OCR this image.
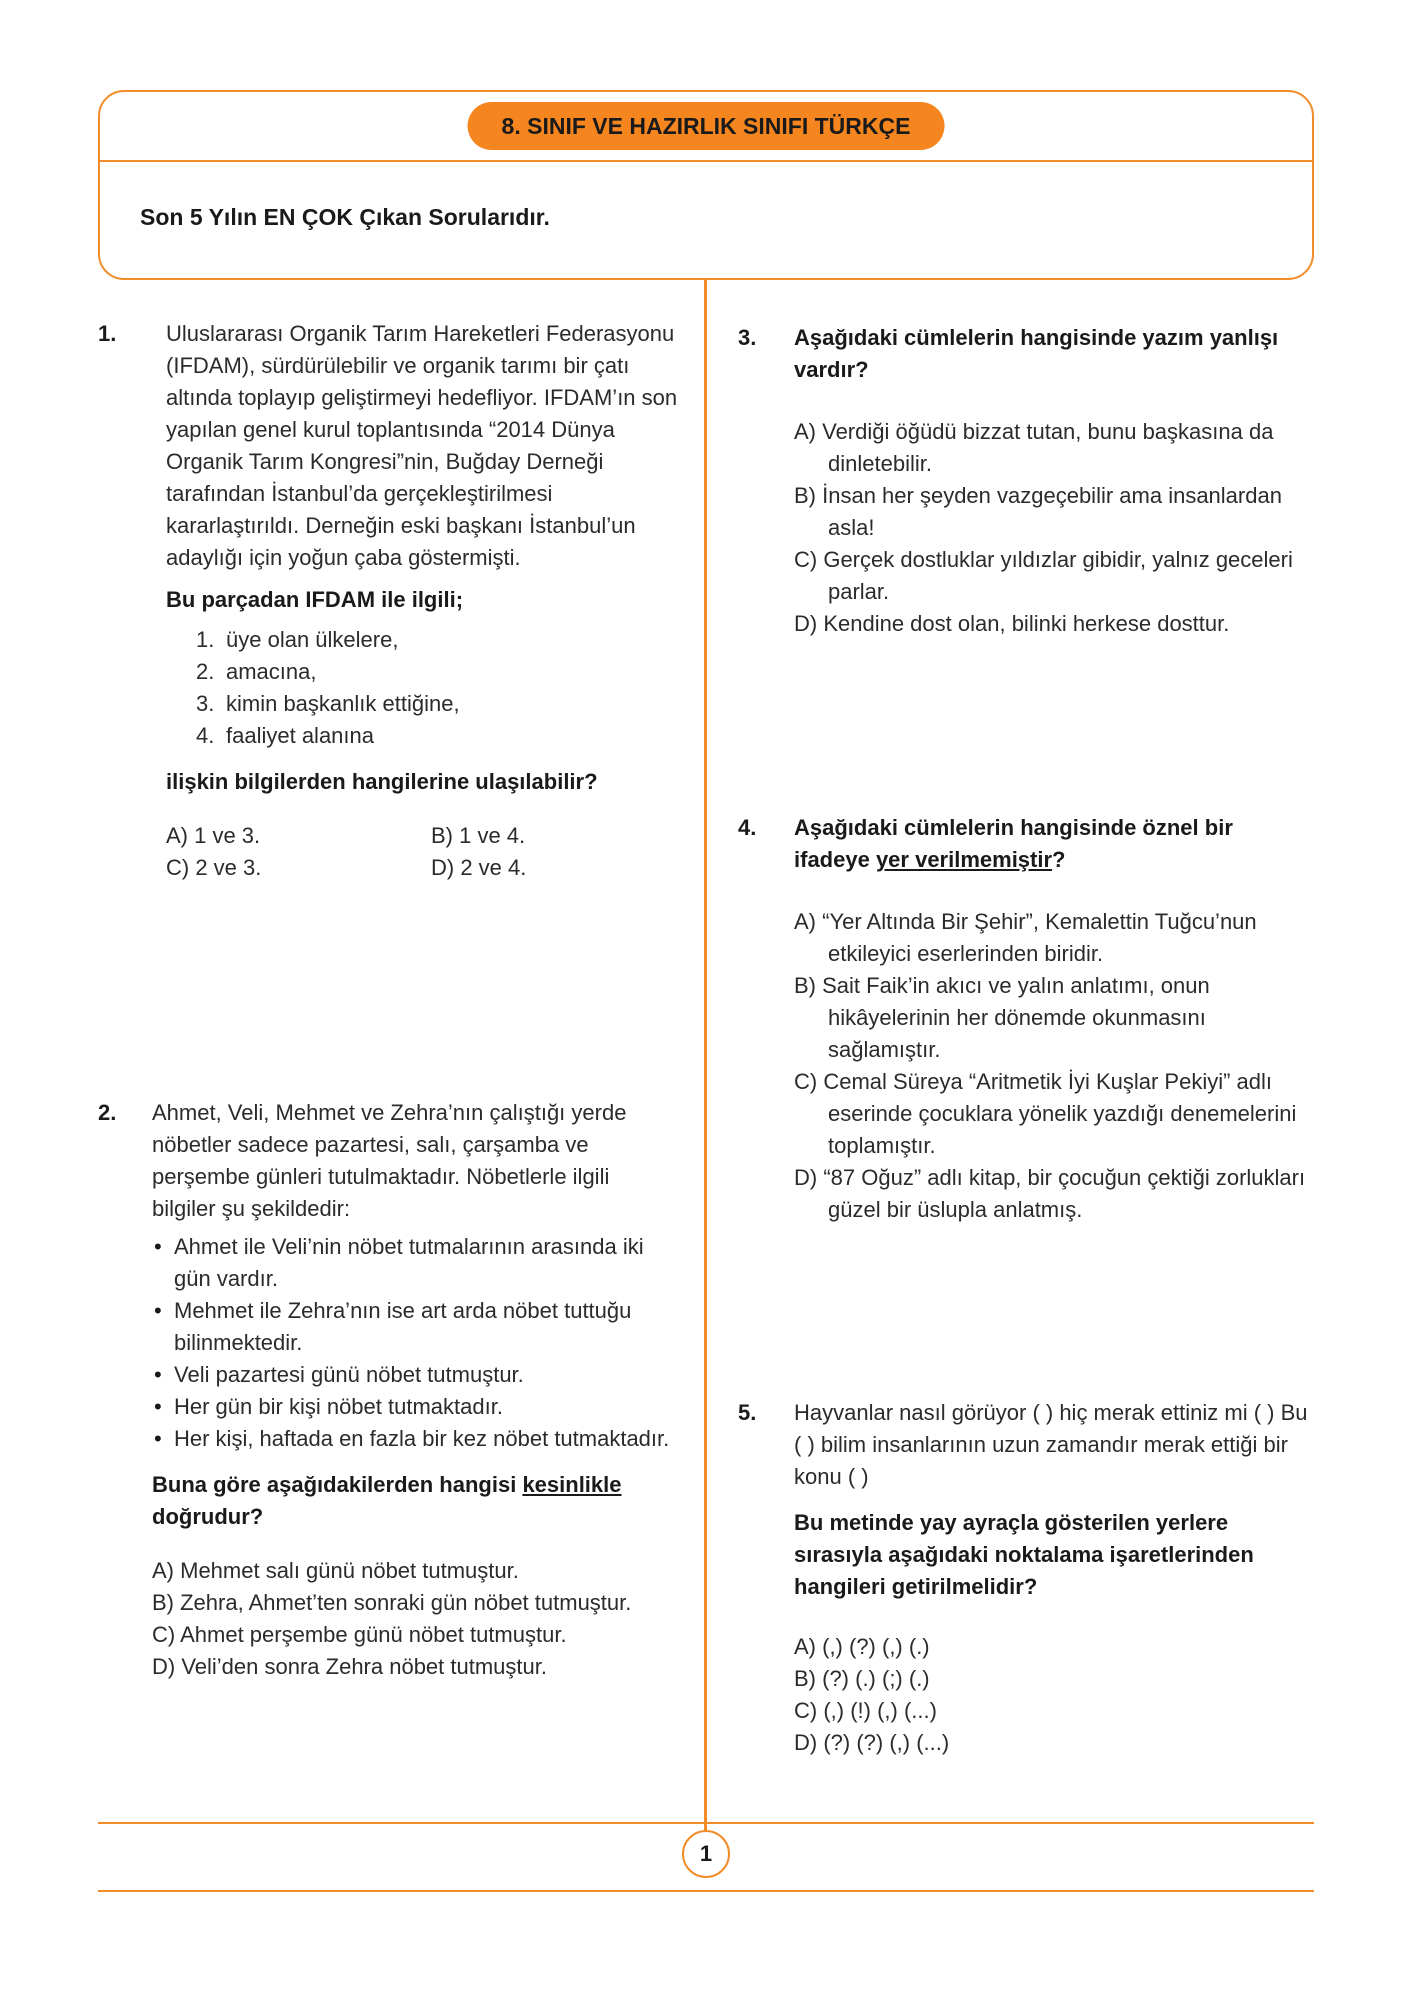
8. SINIF VE HAZIRLIK SINIFI TÜRKÇE
Son 5 Yılın EN ÇOK Çıkan Sorularıdır.
1. Uluslararası Organik Tarım Hareketleri Federasyonu (IFDAM), sürdürülebilir ve organik tarımı bir çatı altında toplayıp geliştirmeyi hedefliyor. IFDAM’ın son yapılan genel kurul toplantısında “2014 Dünya Organik Tarım Kongresi”nin, Buğday Derneği tarafından İstanbul’da gerçekleştirilmesi kararlaştırıldı. Derneğin eski başkanı İstanbul’un adaylığı için yoğun çaba göstermişti.

Bu parçadan IFDAM ile ilgili;

1. üye olan ülkelere,
2. amacına,
3. kimin başkanlık ettiğine,
4. faaliyet alanına

ilişkin bilgilerden hangilerine ulaşılabilir?

A) 1 ve 3.	B) 1 ve 4.
C) 2 ve 3.	D) 2 ve 4.
2. Ahmet, Veli, Mehmet ve Zehra’nın çalıştığı yerde nöbetler sadece pazartesi, salı, çarşamba ve perşembe günleri tutulmaktadır. Nöbetlerle ilgili bilgiler şu şekildedir:

• Ahmet ile Veli’nin nöbet tutmalarının arasında iki gün vardır.
• Mehmet ile Zehra’nın ise art arda nöbet tuttuğu bilinmektedir.
• Veli pazartesi günü nöbet tutmuştur.
• Her gün bir kişi nöbet tutmaktadır.
• Her kişi, haftada en fazla bir kez nöbet tutmaktadır.

Buna göre aşağıdakilerden hangisi kesinlikle doğrudur?

A) Mehmet salı günü nöbet tutmuştur.
B) Zehra, Ahmet’ten sonraki gün nöbet tutmuştur.
C) Ahmet perşembe günü nöbet tutmuştur.
D) Veli’den sonra Zehra nöbet tutmuştur.
3. Aşağıdaki cümlelerin hangisinde yazım yanlışı vardır?

A) Verdiği öğüdü bizzat tutan, bunu başkasına da dinletebilir.
B) İnsan her şeyden vazgeçebilir ama insanlardan asla!
C) Gerçek dostluklar yıldızlar gibidir, yalnız geceleri parlar.
D) Kendine dost olan, bilinki herkese dosttur.
4. Aşağıdaki cümlelerin hangisinde öznel bir ifadeye yer verilmemiştir?

A) “Yer Altında Bir Şehir”, Kemalettin Tuğcu’nun etkileyici eserlerinden biridir.
B) Sait Faik’in akıcı ve yalın anlatımı, onun hikâyelerinin her dönemde okunmasını sağlamıştır.
C) Cemal Süreya “Aritmetik İyi Kuşlar Pekiyi” adlı eserinde çocuklara yönelik yazdığı denemelerini toplamıştır.
D) “87 Oğuz” adlı kitap, bir çocuğun çektiği zorlukları güzel bir üslupla anlatmış.
5. Hayvanlar nasıl görüyor ( ) hiç merak ettiniz mi ( ) Bu ( ) bilim insanlarının uzun zamandır merak ettiği bir konu ( )

Bu metinde yay ayraçla gösterilen yerlere sırasıyla aşağıdaki noktalama işaretlerinden hangileri getirilmelidir?

A) (,) (?) (,) (.)
B) (?) (.) (;) (.)
C) (,) (!) (,) (...)
D) (?) (?) (,) (...)
1
